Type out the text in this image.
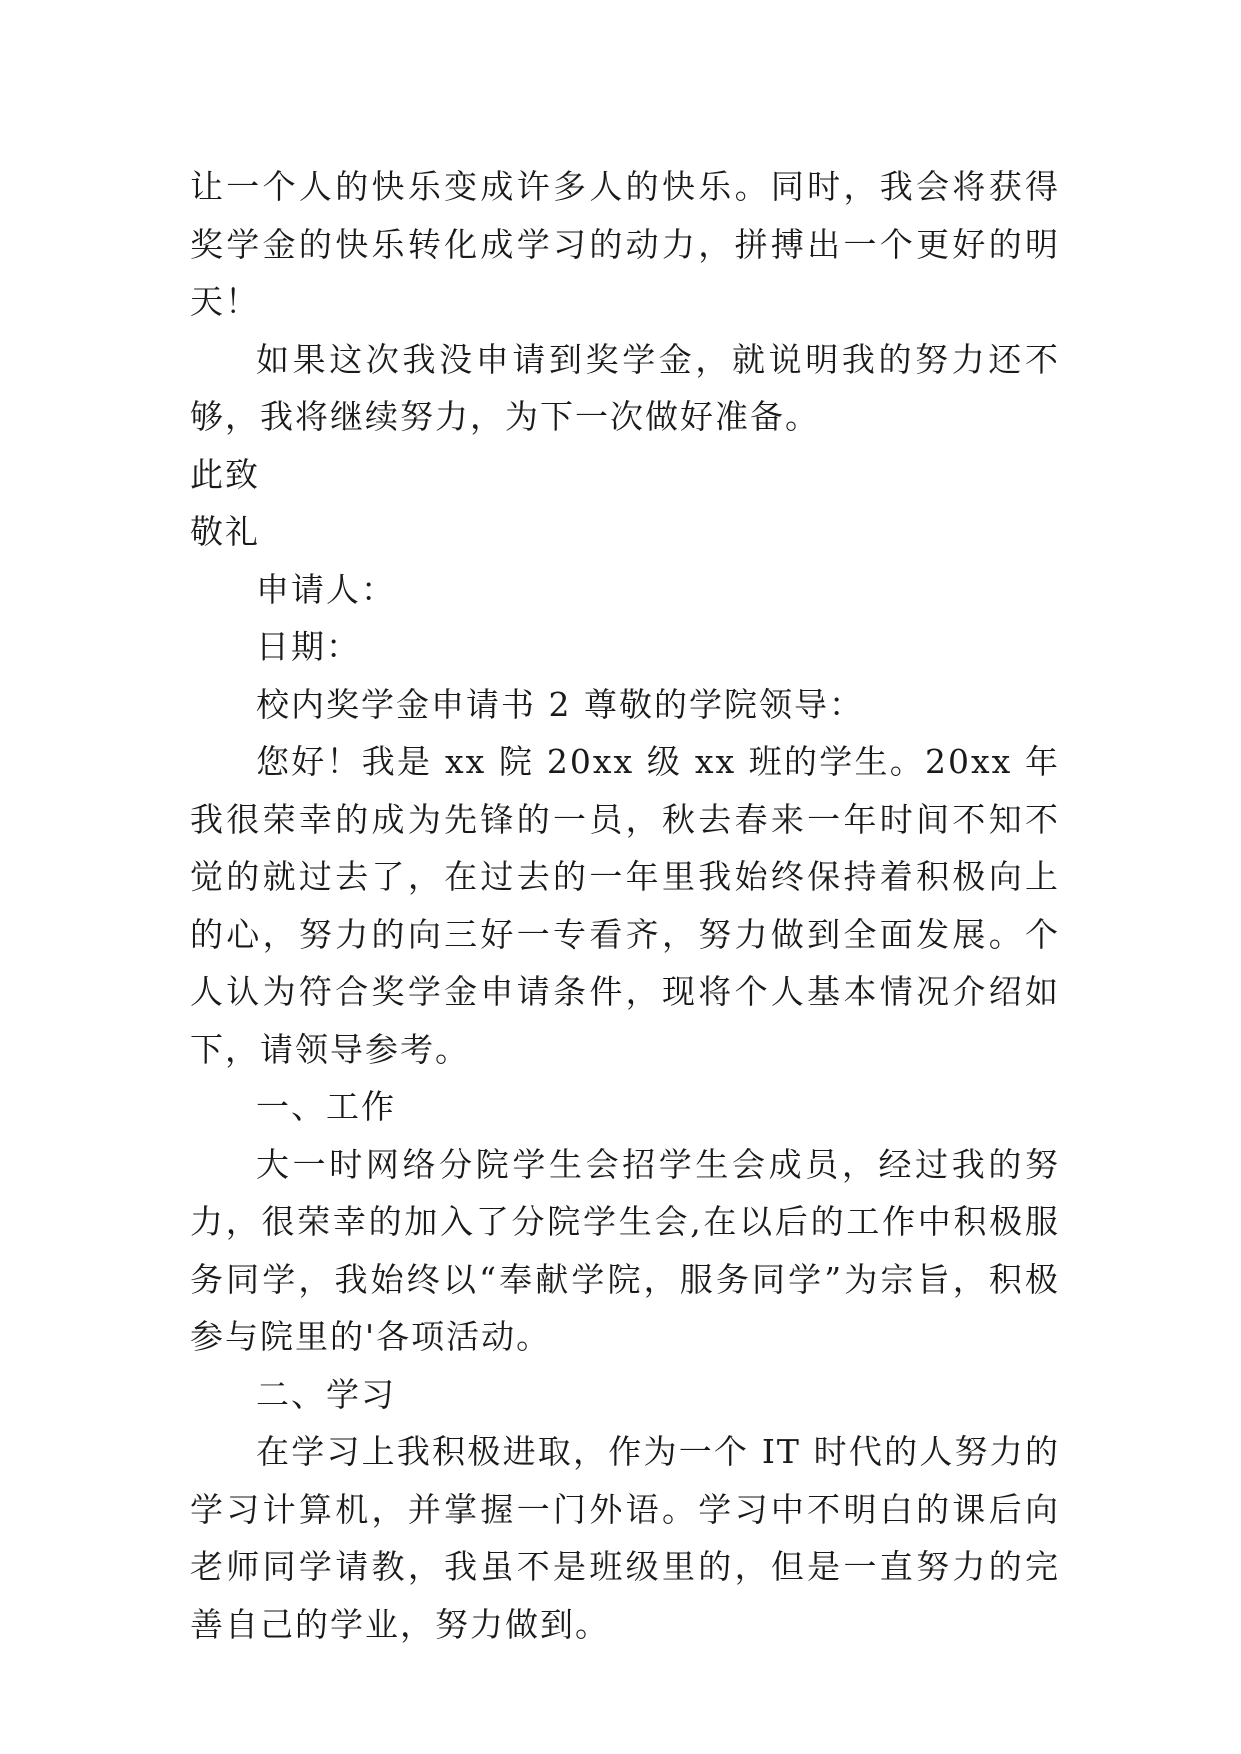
让一个人的快乐变成许多人的快乐。同时，我会将获得奖学金的快乐转化成学习的动力，拼搏出一个更好的明天！

如果这次我没申请到奖学金，就说明我的努力还不够，我将继续努力，为下一次做好准备。

此致

敬礼

申请人：

日期：

校内奖学金申请书 2 尊敬的学院领导：

您好！我是 xx 院 20xx 级 xx 班的学生。20xx 年我很荣幸的成为先锋的一员，秋去春来一年时间不知不觉的就过去了，在过去的一年里我始终保持着积极向上的心，努力的向三好一专看齐，努力做到全面发展。个人认为符合奖学金申请条件，现将个人基本情况介绍如下，请领导参考。

一、工作

大一时网络分院学生会招学生会成员，经过我的努力，很荣幸的加入了分院学生会,在以后的工作中积极服务同学，我始终以“奉献学院，服务同学”为宗旨，积极参与院里的'各项活动。

二、学习

在学习上我积极进取，作为一个 IT 时代的人努力的学习计算机，并掌握一门外语。学习中不明白的课后向老师同学请教，我虽不是班级里的，但是一直努力的完善自己的学业，努力做到。
